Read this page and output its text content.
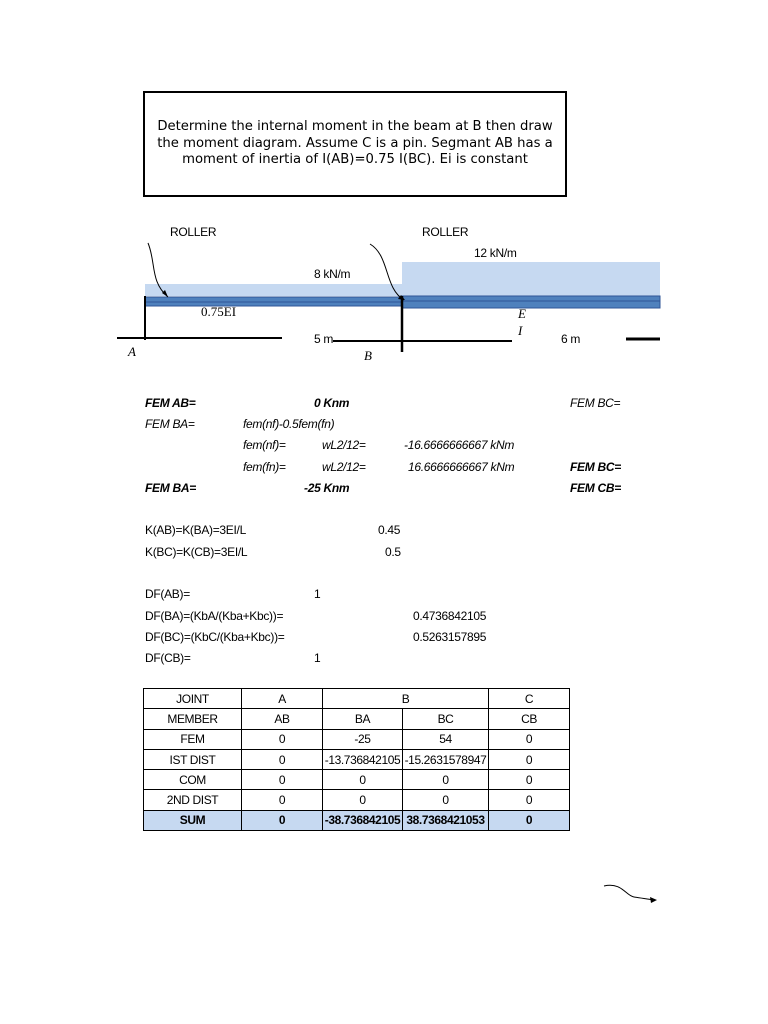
Determine the internal moment in the beam at B then draw the moment diagram. Assume C is a pin. Segmant AB has a moment of inertia of I(AB)=0.75 I(BC). Ei is constant
ROLLER	ROLLER
12 kN/m
8 kN/m
0.75EI	E
I
5 m	6 m
A	B
FEM AB=	0 Knm	FEM BC=
FEM BA=	fem(nf)-0.5fem(fn)
fem(nf)=	wL2/12=	-16.6666666667 kNm
fem(fn)=	wL2/12=	16.6666666667 kNm	FEM BC=
FEM BA=	-25 Knm	FEM CB=
K(AB)=K(BA)=3EI/L	0.45
K(BC)=K(CB)=3EI/L	0.5
DF(AB)=	1
DF(BA)=(KbA/(Kba+Kbc))=	0.4736842105
DF(BC)=(KbC/(Kba+Kbc))=	0.5263157895
DF(CB)=	1
JOINT	A	B		C
MEMBER	AB	BA	BC	CB
FEM	0	-25	54	0
IST DIST	0	-13.736842105	-15.2631578947	0
COM	0	0	0	0
2ND DIST	0	0	0	0
SUM	0	-38.736842105	38.7368421053	0
